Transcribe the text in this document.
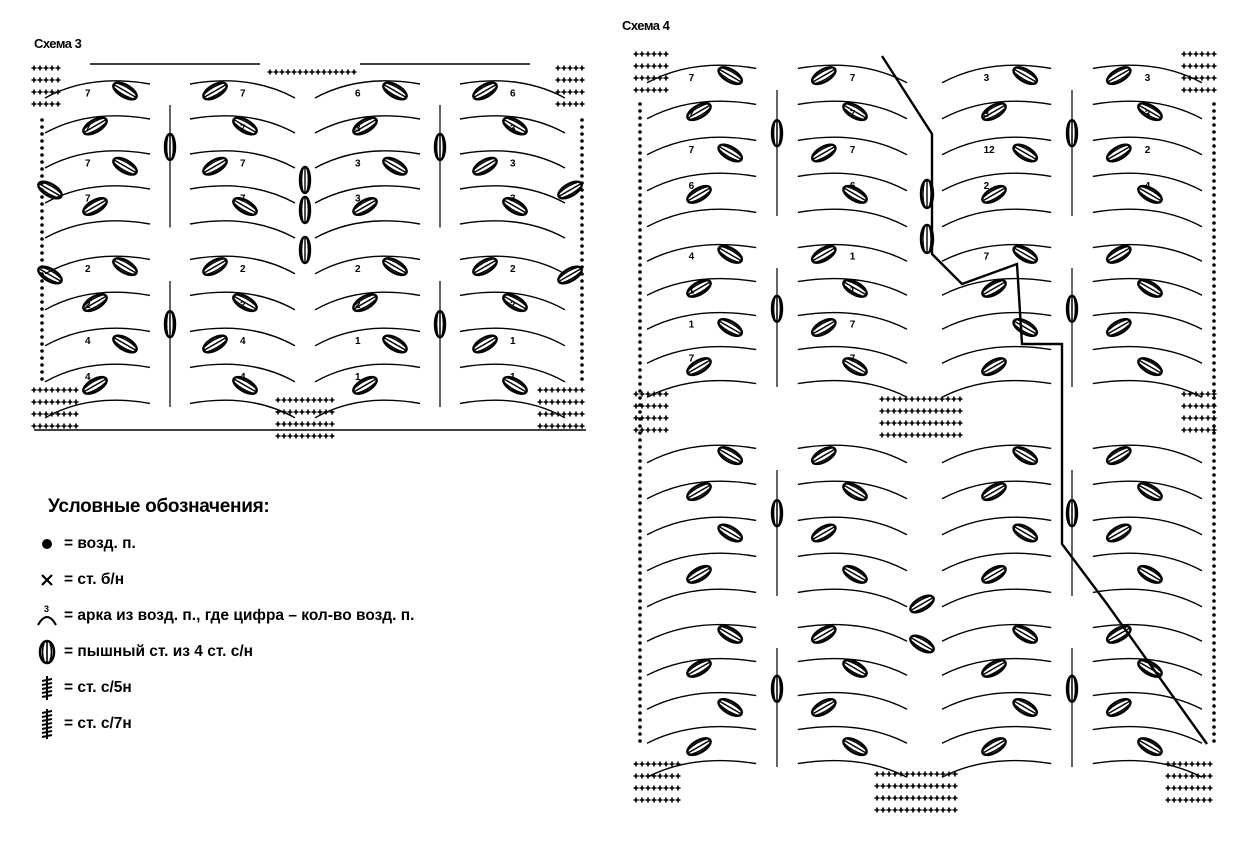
Схема 3
Схема 4
7	7
7	7
7	7
7	7
6	6
3	3
3	3
3	3
2	2
2	2
4	4
4	4
2	2
2	2
1	1
1	1
7	7
7	7
7	7
6	6
3	3
3	3
12	2
2	4
4	1
1	1
1	7
7	7
7
Условные обозначения:
= возд. п.
= ст. б/н
3 = арка из возд. п., где цифра – кол-во возд. п.
= пышный ст. из 4 ст. с/н
= ст. с/5н
= ст. с/7н
